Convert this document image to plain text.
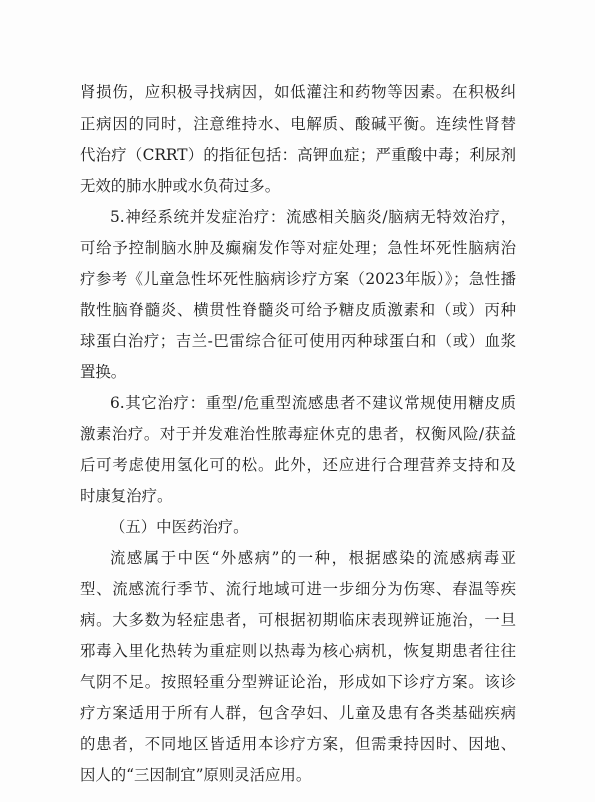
肾损伤，应积极寻找病因，如低灌注和药物等因素。在积极纠
正病因的同时，注意维持水、电解质、酸碱平衡。连续性肾替
代治疗（CRRT）的指征包括：高钾血症；严重酸中毒；利尿剂
无效的肺水肿或水负荷过多。
5.神经系统并发症治疗：流感相关脑炎/脑病无特效治疗，
可给予控制脑水肿及癫痫发作等对症处理；急性坏死性脑病治
疗参考《儿童急性坏死性脑病诊疗方案（2023年版）》；急性播
散性脑脊髓炎、横贯性脊髓炎可给予糖皮质激素和（或）丙种
球蛋白治疗；吉兰-巴雷综合征可使用丙种球蛋白和（或）血浆
置换。
6.其它治疗：重型/危重型流感患者不建议常规使用糖皮质
激素治疗。对于并发难治性脓毒症休克的患者，权衡风险/获益
后可考虑使用氢化可的松。此外，还应进行合理营养支持和及
时康复治疗。
（五）中医药治疗。
流感属于中医“外感病”的一种，根据感染的流感病毒亚
型、流感流行季节、流行地域可进一步细分为伤寒、春温等疾
病。大多数为轻症患者，可根据初期临床表现辨证施治，一旦
邪毒入里化热转为重症则以热毒为核心病机，恢复期患者往往
气阴不足。按照轻重分型辨证论治，形成如下诊疗方案。该诊
疗方案适用于所有人群，包含孕妇、儿童及患有各类基础疾病
的患者，不同地区皆适用本诊疗方案，但需秉持因时、因地、
因人的“三因制宜”原则灵活应用。
